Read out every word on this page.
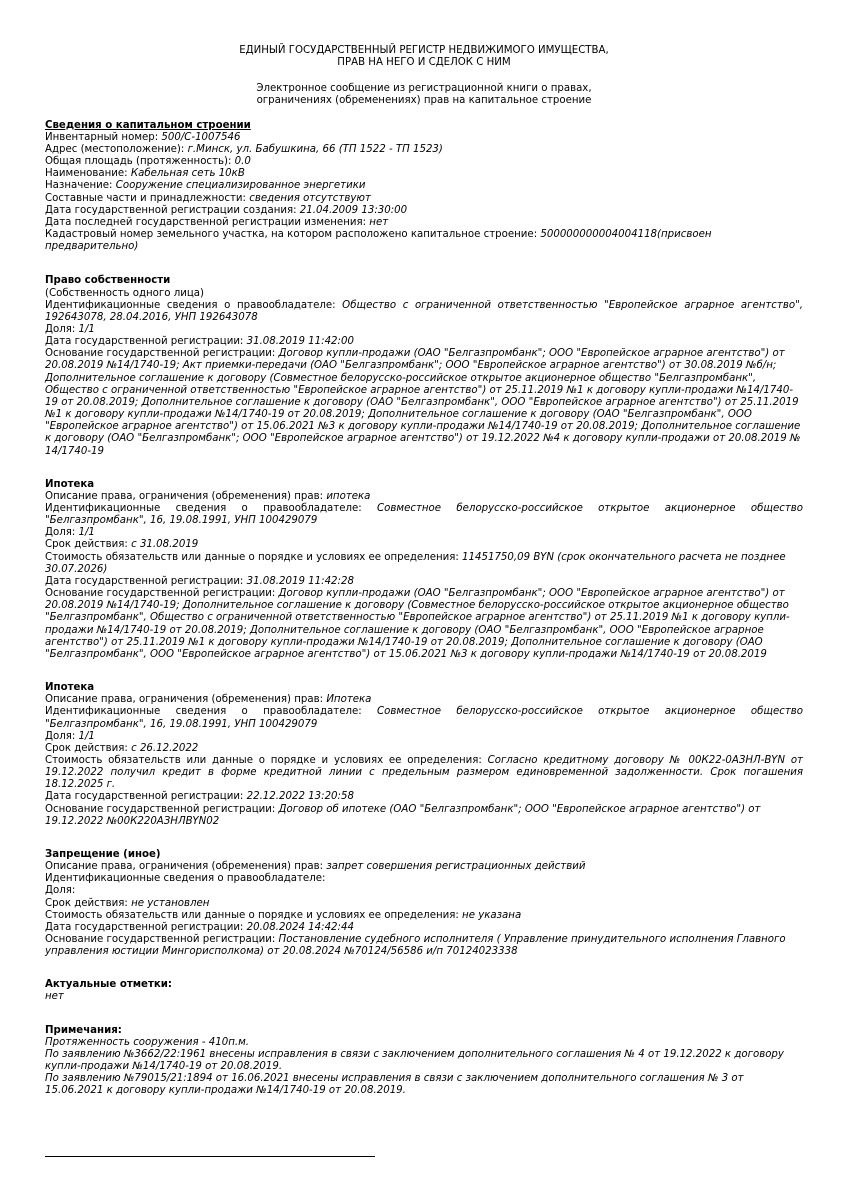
ЕДИНЫЙ ГОСУДАРСТВЕННЫЙ РЕГИСТР НЕДВИЖИМОГО ИМУЩЕСТВА,
ПРАВ НА НЕГО И СДЕЛОК С НИМ
Электронное сообщение из регистрационной книги о правах,
ограничениях (обременениях) прав на капитальное строение
Сведения о капитальном строении
Инвентарный номер: 500/C-1007546
Адрес (местоположение): г.Минск, ул. Бабушкина, 66 (ТП 1522 - ТП 1523)
Общая площадь (протяженность): 0.0
Наименование: Кабельная сеть 10кВ
Назначение: Сооружение специализированное энергетики
Составные части и принадлежности: сведения отсутствуют
Дата государственной регистрации создания: 21.04.2009 13:30:00
Дата последней государственной регистрации изменения: нет
Кадастровый номер земельного участка, на котором расположено капитальное строение: 500000000004004118(присвоен предварительно)
Право собственности
(Собственность одного лица)
Идентификационные сведения о правообладателе: Общество с ограниченной ответственностью "Европейское аграрное агентство", 192643078, 28.04.2016, УНП 192643078
Доля: 1/1
Дата государственной регистрации: 31.08.2019 11:42:00
Основание государственной регистрации: Договор купли-продажи (ОАО "Белгазпромбанк"; ООО "Европейское аграрное агентство") от 20.08.2019 №14/1740-19; Акт приемки-передачи (ОАО "Белгазпромбанк"; ООО "Европейское аграрное агентство") от 30.08.2019 №б/н; Дополнительное соглашение к договору (Совместное белорусско-российское открытое акционерное общество "Белгазпромбанк", Общество с ограниченной ответственностью "Европейское аграрное агентство") от 25.11.2019 №1 к договору купли-продажи №14/1740-19 от 20.08.2019; Дополнительное соглашение к договору (ОАО "Белгазпромбанк", ООО "Европейское аграрное агентство") от 25.11.2019 №1 к договору купли-продажи №14/1740-19 от 20.08.2019; Дополнительное соглашение к договору (ОАО "Белгазпромбанк", ООО "Европейское аграрное агентство") от 15.06.2021 №3 к договору купли-продажи №14/1740-19 от 20.08.2019; Дополнительное соглашение к договору (ОАО "Белгазпромбанк"; ООО "Европейское аграрное агентство") от 19.12.2022 №4 к договору купли-продажи от 20.08.2019 № 14/1740-19
Ипотека
Описание права, ограничения (обременения) прав: ипотека
Идентификационные сведения о правообладателе: Совместное белорусско-российское открытое акционерное общество "Белгазпромбанк", 16, 19.08.1991, УНП 100429079
Доля: 1/1
Срок действия: с 31.08.2019
Стоимость обязательств или данные о порядке и условиях ее определения: 11451750,09 BYN (срок окончательного расчета не позднее 30.07.2026)
Дата государственной регистрации: 31.08.2019 11:42:28
Основание государственной регистрации: Договор купли-продажи (ОАО "Белгазпромбанк"; ООО "Европейское аграрное агентство") от 20.08.2019 №14/1740-19; Дополнительное соглашение к договору (Совместное белорусско-российское открытое акционерное общество "Белгазпромбанк", Общество с ограниченной ответственностью "Европейское аграрное агентство") от 25.11.2019 №1 к договору купли-продажи №14/1740-19 от 20.08.2019; Дополнительное соглашение к договору (ОАО "Белгазпромбанк", ООО "Европейское аграрное агентство") от 25.11.2019 №1 к договору купли-продажи №14/1740-19 от 20.08.2019; Дополнительное соглашение к договору (ОАО "Белгазпромбанк", ООО "Европейское аграрное агентство") от 15.06.2021 №3 к договору купли-продажи №14/1740-19 от 20.08.2019
Ипотека
Описание права, ограничения (обременения) прав: Ипотека
Идентификационные сведения о правообладателе: Совместное белорусско-российское открытое акционерное общество "Белгазпромбанк", 16, 19.08.1991, УНП 100429079
Доля: 1/1
Срок действия: с 26.12.2022
Стоимость обязательств или данные о порядке и условиях ее определения: Согласно кредитному договору № 00К22-0АЗНЛ-BYN от 19.12.2022 получил кредит в форме кредитной линии с предельным размером единовременной задолженности. Срок погашения 18.12.2025 г.
Дата государственной регистрации: 22.12.2022 13:20:58
Основание государственной регистрации: Договор об ипотеке (ОАО "Белгазпромбанк"; ООО "Европейское аграрное агентство") от 19.12.2022 №00К220АЗНЛBYN02
Запрещение (иное)
Описание права, ограничения (обременения) прав: запрет совершения регистрационных действий
Идентификационные сведения о правообладателе:
Доля:
Срок действия: не установлен
Стоимость обязательств или данные о порядке и условиях ее определения: не указана
Дата государственной регистрации: 20.08.2024 14:42:44
Основание государственной регистрации: Постановление судебного исполнителя ( Управление принудительного исполнения Главного управления юстиции Мингорисполкома) от 20.08.2024 №70124/56586 и/п 70124023338
Актуальные отметки:
нет
Примечания:
Протяженность сооружения - 410п.м.
По заявлению №3662/22:1961 внесены исправления в связи с заключением дополнительного соглашения № 4 от 19.12.2022 к договору купли-продажи №14/1740-19 от 20.08.2019.
По заявлению №79015/21:1894 от 16.06.2021 внесены исправления в связи с заключением дополнительного соглашения № 3 от 15.06.2021 к договору купли-продажи №14/1740-19 от 20.08.2019.
